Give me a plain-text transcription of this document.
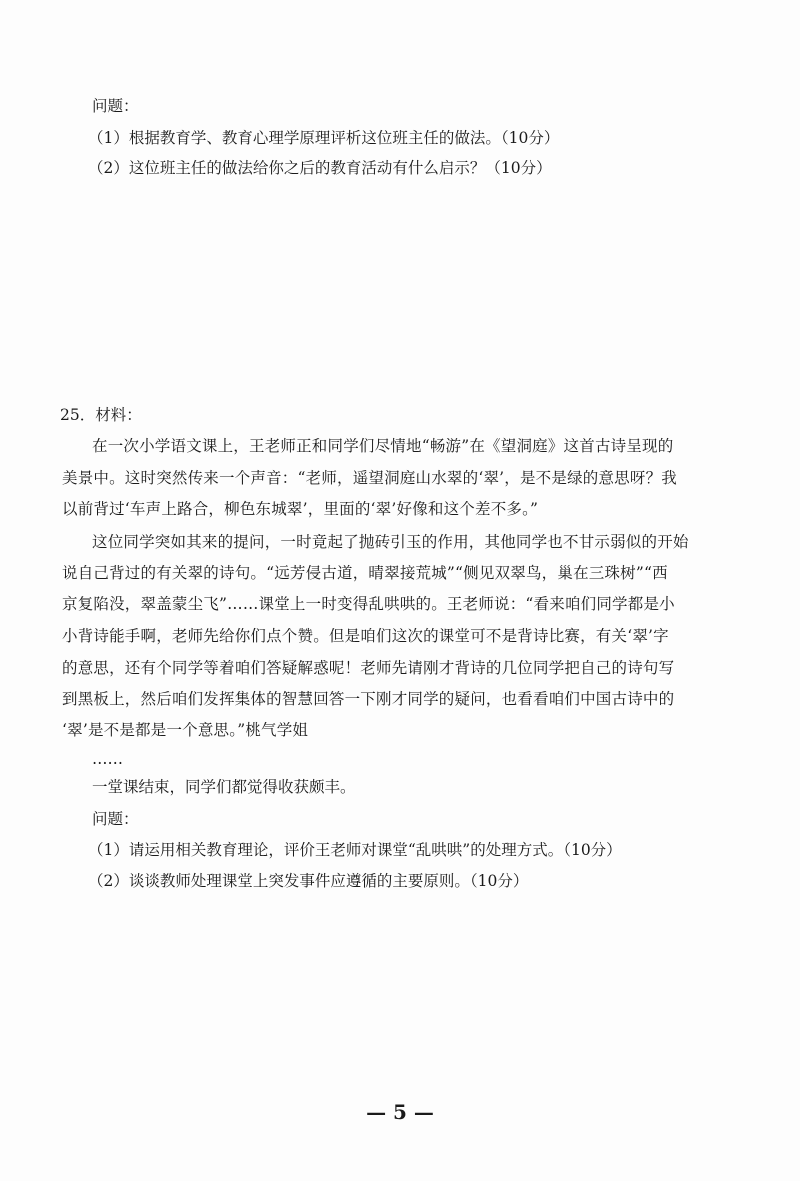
问题：
（1）根据教育学、教育心理学原理评析这位班主任的做法。（10分）
（2）这位班主任的做法给你之后的教育活动有什么启示？（10分）
25．材料：
在一次小学语文课上，王老师正和同学们尽情地“畅游”在《望洞庭》这首古诗呈现的
美景中。这时突然传来一个声音：“老师，遥望洞庭山水翠的‘翠’，是不是绿的意思呀？我
以前背过‘车声上路合，柳色东城翠’，里面的‘翠’好像和这个差不多。”
这位同学突如其来的提问，一时竟起了抛砖引玉的作用，其他同学也不甘示弱似的开始
说自己背过的有关翠的诗句。“远芳侵古道，晴翠接荒城”“侧见双翠鸟，巢在三珠树”“西
京复陷没，翠盖蒙尘飞”……课堂上一时变得乱哄哄的。王老师说：“看来咱们同学都是小
小背诗能手啊，老师先给你们点个赞。但是咱们这次的课堂可不是背诗比赛，有关‘翠’字
的意思，还有个同学等着咱们答疑解惑呢！老师先请刚才背诗的几位同学把自己的诗句写
到黑板上，然后咱们发挥集体的智慧回答一下刚才同学的疑问，也看看咱们中国古诗中的
‘翠’是不是都是一个意思。”桃气学姐
……
一堂课结束，同学们都觉得收获颇丰。
问题：
（1）请运用相关教育理论，评价王老师对课堂“乱哄哄”的处理方式。（10分）
（2）谈谈教师处理课堂上突发事件应遵循的主要原则。（10分）
— 5 —
